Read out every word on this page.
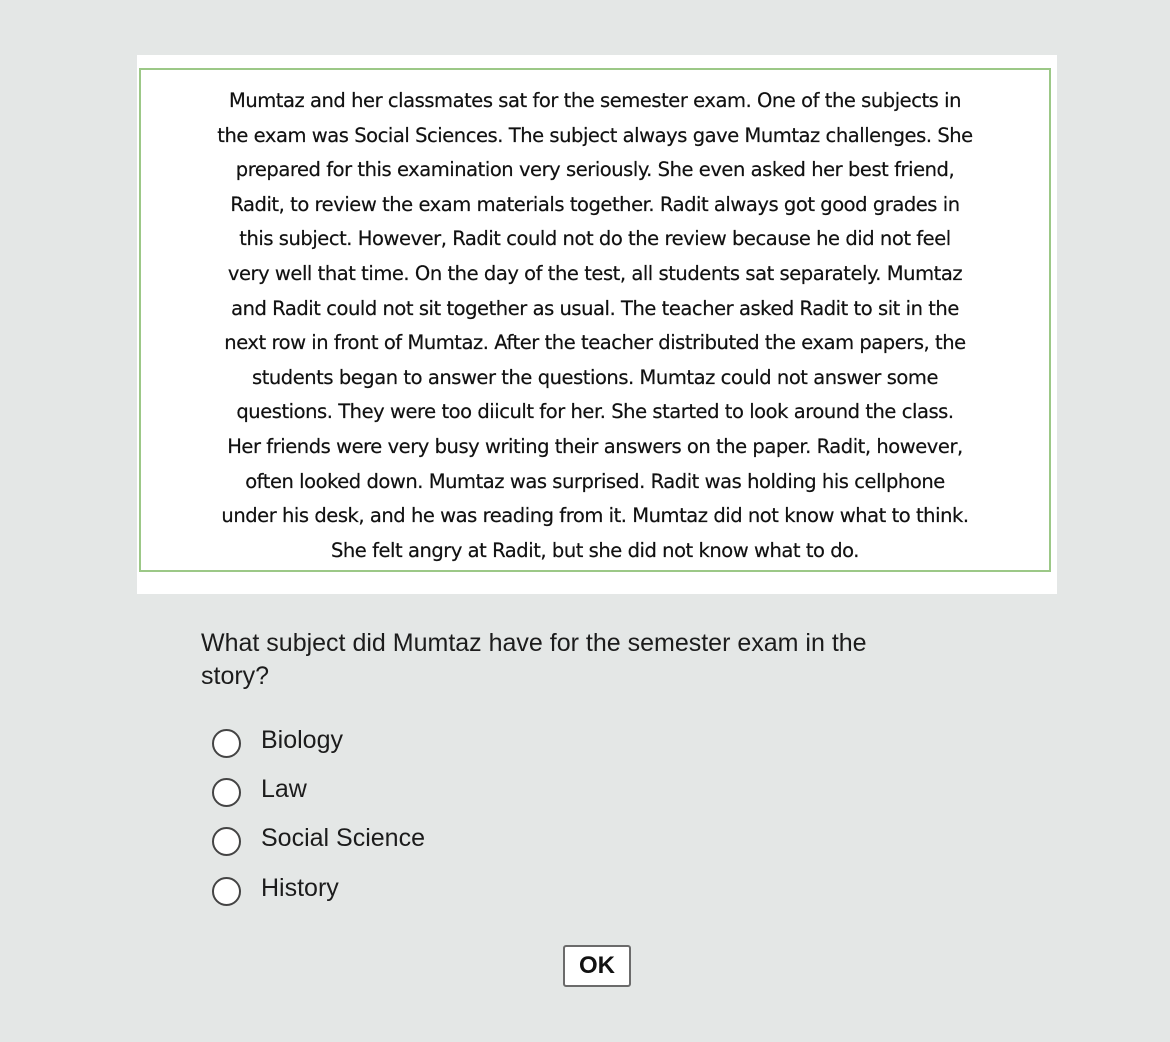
Mumtaz and her classmates sat for the semester exam. One of the subjects in
the exam was Social Sciences. The subject always gave Mumtaz challenges. She
prepared for this examination very seriously. She even asked her best friend,
Radit, to review the exam materials together. Radit always got good grades in
this subject. However, Radit could not do the review because he did not feel
very well that time. On the day of the test, all students sat separately. Mumtaz
and Radit could not sit together as usual. The teacher asked Radit to sit in the
next row in front of Mumtaz. After the teacher distributed the exam papers, the
students began to answer the questions. Mumtaz could not answer some
questions. They were too diicult for her. She started to look around the class.
Her friends were very busy writing their answers on the paper. Radit, however,
often looked down. Mumtaz was surprised. Radit was holding his cellphone
under his desk, and he was reading from it. Mumtaz did not know what to think.
She felt angry at Radit, but she did not know what to do.
What subject did Mumtaz have for the semester exam in the
story?
Biology
Law
Social Science
History
OK
